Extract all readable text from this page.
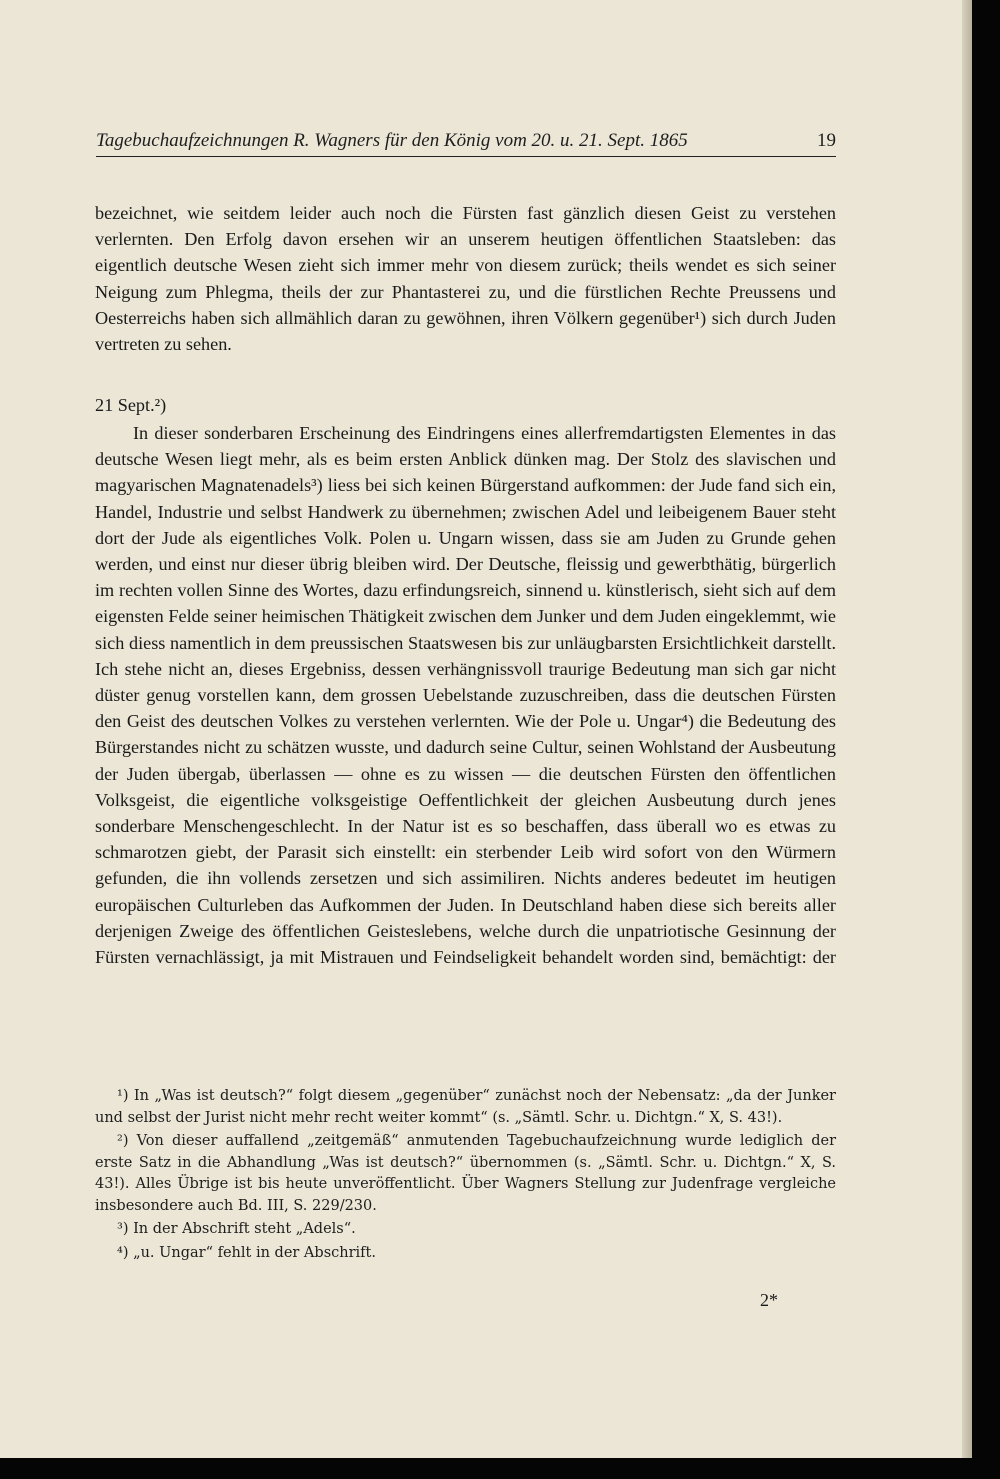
Tagebuchaufzeichnungen R. Wagners für den König vom 20. u. 21. Sept. 1865	19

bezeichnet, wie seitdem leider auch noch die Fürsten fast gänzlich diesen Geist zu verstehen verlernten. Den Erfolg davon ersehen wir an unserem heutigen öffentlichen Staatsleben: das eigentlich deutsche Wesen zieht sich immer mehr von diesem zurück; theils wendet es sich seiner Neigung zum Phlegma, theils der zur Phantasterei zu, und die fürstlichen Rechte Preussens und Oesterreichs haben sich allmählich daran zu gewöhnen, ihren Völkern gegenüber¹) sich durch Juden vertreten zu sehen.

21 Sept.²)

In dieser sonderbaren Erscheinung des Eindringens eines allerfremdartigsten Elementes in das deutsche Wesen liegt mehr, als es beim ersten Anblick dünken mag. Der Stolz des slavischen und magyarischen Magnatenadels³) liess bei sich keinen Bürgerstand aufkommen: der Jude fand sich ein, Handel, Industrie und selbst Handwerk zu übernehmen; zwischen Adel und leibeigenem Bauer steht dort der Jude als eigentliches Volk. Polen u. Ungarn wissen, dass sie am Juden zu Grunde gehen werden, und einst nur dieser übrig bleiben wird. Der Deutsche, fleissig und gewerbthätig, bürgerlich im rechten vollen Sinne des Wortes, dazu erfindungsreich, sinnend u. künstlerisch, sieht sich auf dem eigensten Felde seiner heimischen Thätigkeit zwischen dem Junker und dem Juden eingeklemmt, wie sich diess namentlich in dem preussischen Staatswesen bis zur unläugbarsten Ersichtlichkeit darstellt. Ich stehe nicht an, dieses Ergebniss, dessen verhängnissvoll traurige Bedeutung man sich gar nicht düster genug vorstellen kann, dem grossen Uebelstande zuzuschreiben, dass die deutschen Fürsten den Geist des deutschen Volkes zu verstehen verlernten. Wie der Pole u. Ungar⁴) die Bedeutung des Bürgerstandes nicht zu schätzen wusste, und dadurch seine Cultur, seinen Wohlstand der Ausbeutung der Juden übergab, überlassen — ohne es zu wissen — die deutschen Fürsten den öffentlichen Volksgeist, die eigentliche volksgeistige Oeffentlichkeit der gleichen Ausbeutung durch jenes sonderbare Menschengeschlecht. In der Natur ist es so beschaffen, dass überall wo es etwas zu schmarotzen giebt, der Parasit sich einstellt: ein sterbender Leib wird sofort von den Würmern gefunden, die ihn vollends zersetzen und sich assimiliren. Nichts anderes bedeutet im heutigen europäischen Culturleben das Aufkommen der Juden. In Deutschland haben diese sich bereits aller derjenigen Zweige des öffentlichen Geisteslebens, welche durch die unpatriotische Gesinnung der Fürsten vernachlässigt, ja mit Mistrauen und Feindseligkeit behandelt worden sind, bemächtigt: der

¹) In „Was ist deutsch?“ folgt diesem „gegenüber“ zunächst noch der Nebensatz: „da der Junker und selbst der Jurist nicht mehr recht weiter kommt“ (s. „Sämtl. Schr. u. Dichtgn.“ X, S. 43!).

²) Von dieser auffallend „zeitgemäß“ anmutenden Tagebuchaufzeichnung wurde lediglich der erste Satz in die Abhandlung „Was ist deutsch?“ übernommen (s. „Sämtl. Schr. u. Dichtgn.“ X, S. 43!). Alles Übrige ist bis heute unveröffentlicht. Über Wagners Stellung zur Judenfrage vergleiche insbesondere auch Bd. III, S. 229/230.

³) In der Abschrift steht „Adels“.

⁴) „u. Ungar“ fehlt in der Abschrift.

2*
